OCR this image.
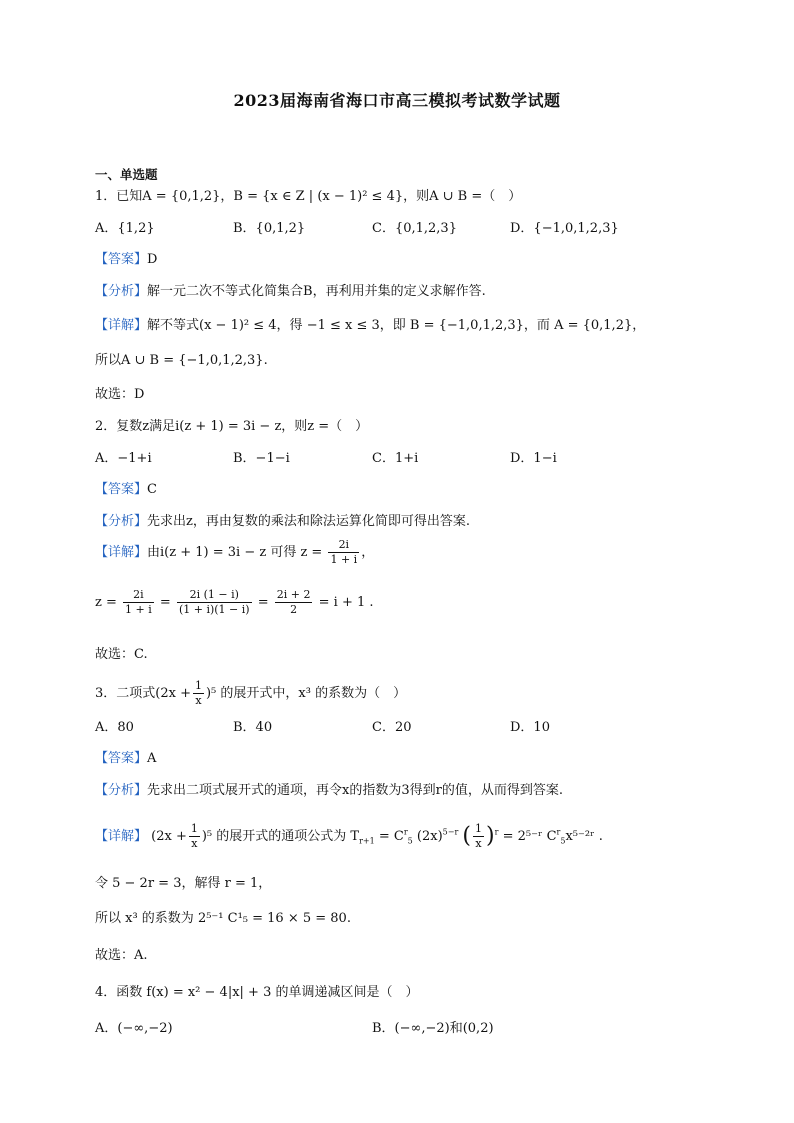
2023届海南省海口市高三模拟考试数学试题
一、单选题
1．已知A = {0,1,2}，B = {x ∈ Z | (x − 1)² ≤ 4}，则A ∪ B =（　）
A．{1,2}	B．{0,1,2}	C．{0,1,2,3}	D．{−1,0,1,2,3}
【答案】D
【分析】解一元二次不等式化简集合B，再利用并集的定义求解作答.
【详解】解不等式(x − 1)² ≤ 4，得 −1 ≤ x ≤ 3，即 B = {−1,0,1,2,3}，而 A = {0,1,2}，
所以A ∪ B = {−1,0,1,2,3}.
故选：D
2．复数z满足i(z + 1) = 3i − z，则z =（　）
A．−1+i	B．−1−i	C．1+i	D．1−i
【答案】C
【分析】先求出z，再由复数的乘法和除法运算化简即可得出答案.
【详解】由i(z + 1) = 3i − z 可得 $z = \frac{2i}{1 + i}$ ，
$z = \frac{2i}{1 + i} = \frac{2i (1 - i)}{(1 + i)(1 - i)} = \frac{2i + 2}{2} = i + 1$ .
故选：C.
3．二项式$(2x + \frac{1}{x} )^5$ 的展开式中，x³ 的系数为（　）
A．80	B．40	C．20	D．10
【答案】A
【分析】先求出二项式展开式的通项，再令x的指数为3得到r的值，从而得到答案.
【详解】 $(2x + \frac{1}{x} )^5$ 的展开式的通项公式为 $T_{r+1} = C^r_5$ $(2x)^{5-r}$ ( $\frac{1}{x} )^r$ = 2⁵⁻ʳ $C^r_5x^{5-2}ʳ$ .
令 5 − 2r = 3，解得 r = 1，
所以 x³ 的系数为 2⁵⁻¹ C¹₅ = 16 × 5 = 80.
故选：A.
4．函数 f(x) = x² − 4|x| + 3 的单调递减区间是（　）
A．(−∞,−2)	B．(−∞,−2)和(0,2)
